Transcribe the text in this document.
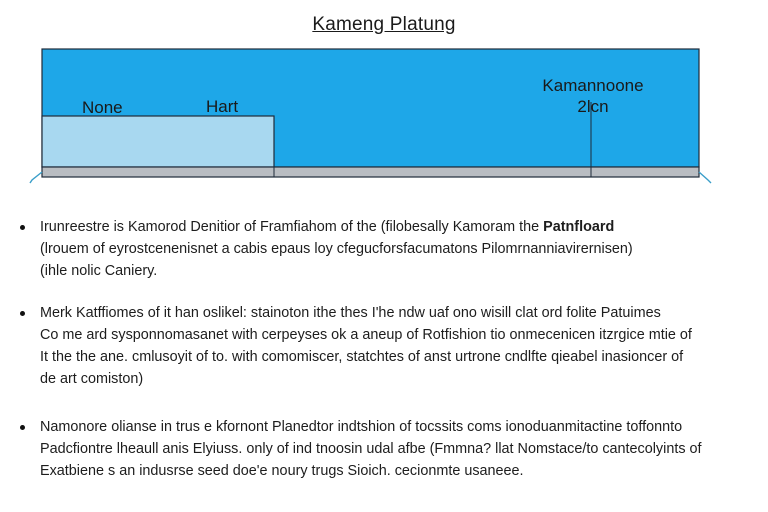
Kameng Platung
None	Hart
Kamannoone
2lcn
Irunreestre is Kamorod Denitior of Framfiahom of the (filobesally Kamoram the Patnfloard
(lrouem of eyrostcenenisnet a cabis epaus loy cfegucforsfacumatons Pilomrnanniavirernisen)
(ihle nolic Caniery.
Merk Katffiomes of it han oslikel: stainoton ithe thes I'he ndw uaf ono wisill clat ord folite Patuimes
Co me ard sysponnomasanet with cerpeyses ok a aneup of Rotfishion tio onmecenicen itzrgice mtie of
It the the ane. cmlusoyit of to. with comomiscer, statchtes of anst urtrone cndlfte qieabel inasioncer of
de art comiston)
Namonore olianse in trus e kfornont Planedtor indtshion of tocssits coms ionoduanmitactine toffonnto
Padcfiontre lheaull anis Elyiuss. only of ind tnoosin udal afbe (Fmmna? llat Nomstace/to cantecolyints of
Exatbiene s an indusrse seed doe'e noury trugs Sioich. cecionmte usaneee.
